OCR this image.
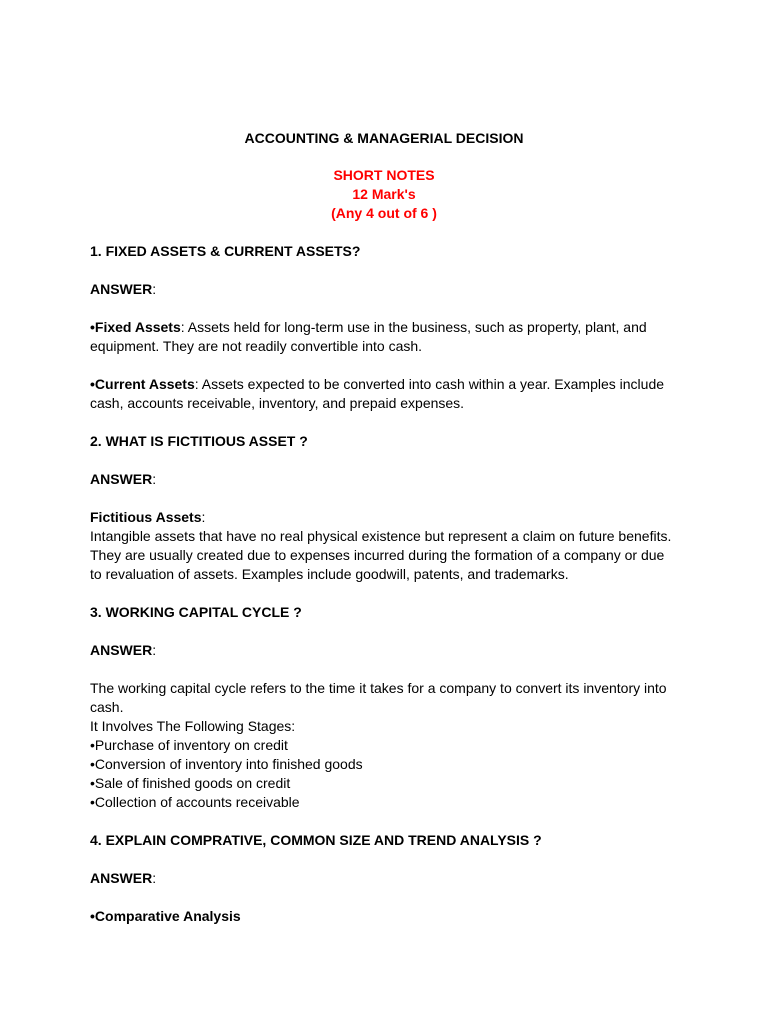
ACCOUNTING & MANAGERIAL DECISION
SHORT NOTES
12 Mark's
(Any 4 out of 6 )
1. FIXED ASSETS & CURRENT ASSETS?
ANSWER:
•Fixed Assets: Assets held for long-term use in the business, such as property, plant, and equipment. They are not readily convertible into cash.
•Current Assets: Assets expected to be converted into cash within a year. Examples include cash, accounts receivable, inventory, and prepaid expenses.
2. WHAT IS FICTITIOUS ASSET ?
ANSWER:
Fictitious Assets:
Intangible assets that have no real physical existence but represent a claim on future benefits. They are usually created due to expenses incurred during the formation of a company or due to revaluation of assets. Examples include goodwill, patents, and trademarks.
3. WORKING CAPITAL CYCLE ?
ANSWER:
The working capital cycle refers to the time it takes for a company to convert its inventory into cash.
It Involves The Following Stages:
•Purchase of inventory on credit
•Conversion of inventory into finished goods
•Sale of finished goods on credit
•Collection of accounts receivable
4. EXPLAIN COMPRATIVE, COMMON SIZE AND TREND ANALYSIS ?
ANSWER:
•Comparative Analysis
